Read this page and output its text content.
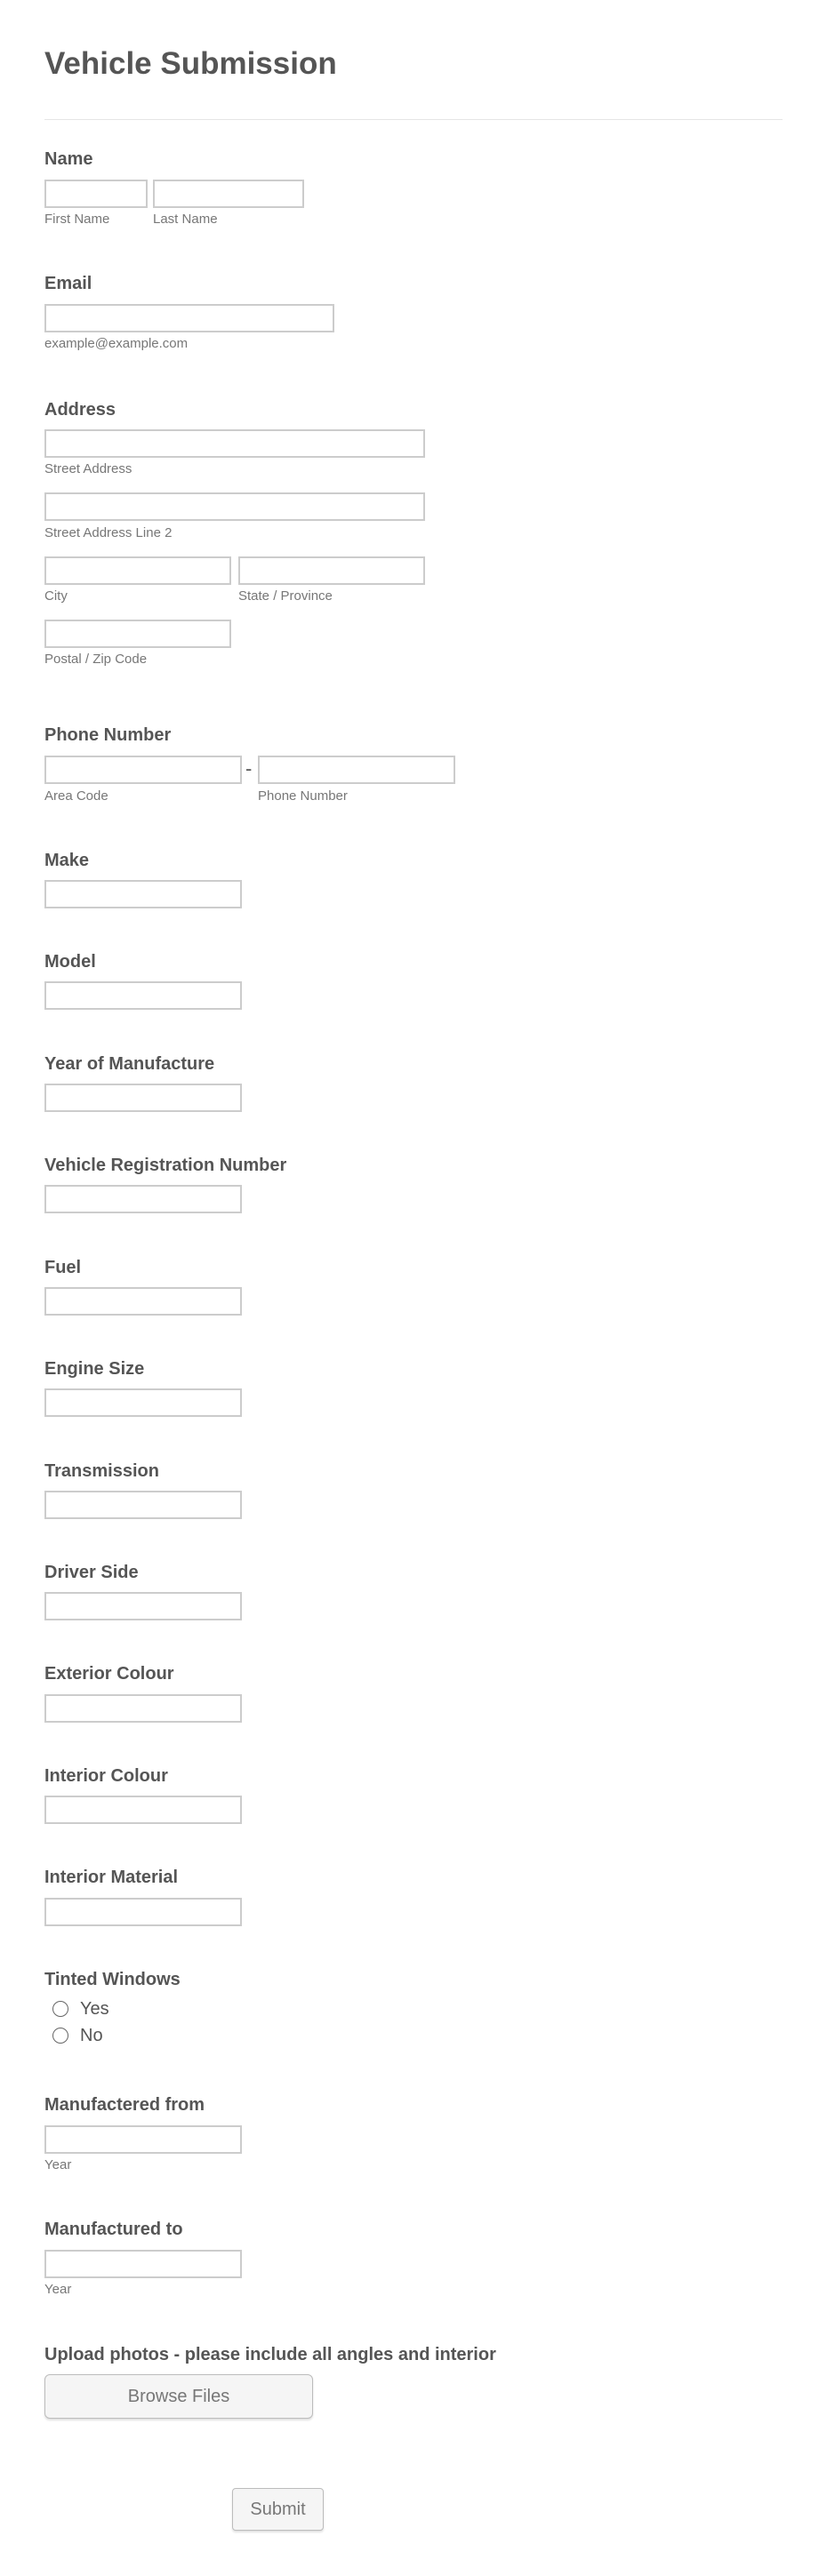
Vehicle Submission
Name
First Name	Last Name
Email
example@example.com
Address
Street Address
Street Address Line 2
City	State / Province
Postal / Zip Code
Phone Number
-
Area Code	Phone Number
Make
Model
Year of Manufacture
Vehicle Registration Number
Fuel
Engine Size
Transmission
Driver Side
Exterior Colour
Interior Colour
Interior Material
Tinted Windows
Yes
No
Manufactered from
Year
Manufactured to
Year
Upload photos - please include all angles and interior
Browse Files
Submit
